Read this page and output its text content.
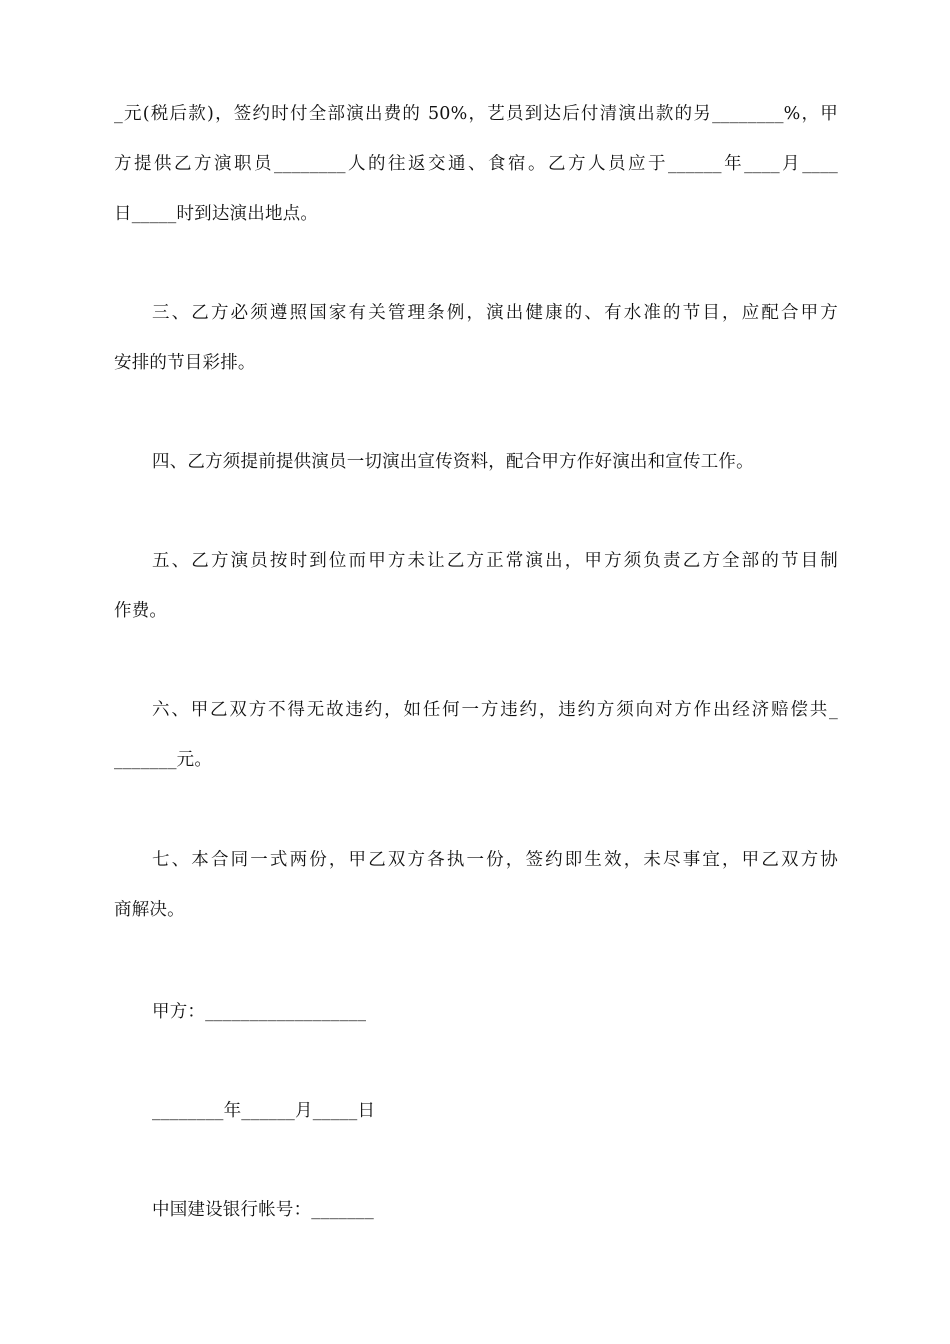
_元(税后款)，签约时付全部演出费的 50%，艺员到达后付清演出款的另________%，甲
方提供乙方演职员________人的往返交通、食宿。乙方人员应于______年____月____
日_____时到达演出地点。
三、乙方必须遵照国家有关管理条例，演出健康的、有水准的节目，应配合甲方
安排的节目彩排。
四、乙方须提前提供演员一切演出宣传资料，配合甲方作好演出和宣传工作。
五、乙方演员按时到位而甲方未让乙方正常演出，甲方须负责乙方全部的节目制
作费。
六、甲乙双方不得无故违约，如任何一方违约，违约方须向对方作出经济赔偿共_
_______元。
七、本合同一式两份，甲乙双方各执一份，签约即生效，未尽事宜，甲乙双方协
商解决。
甲方：__________________
________年______月_____日
中国建设银行帐号：_______
